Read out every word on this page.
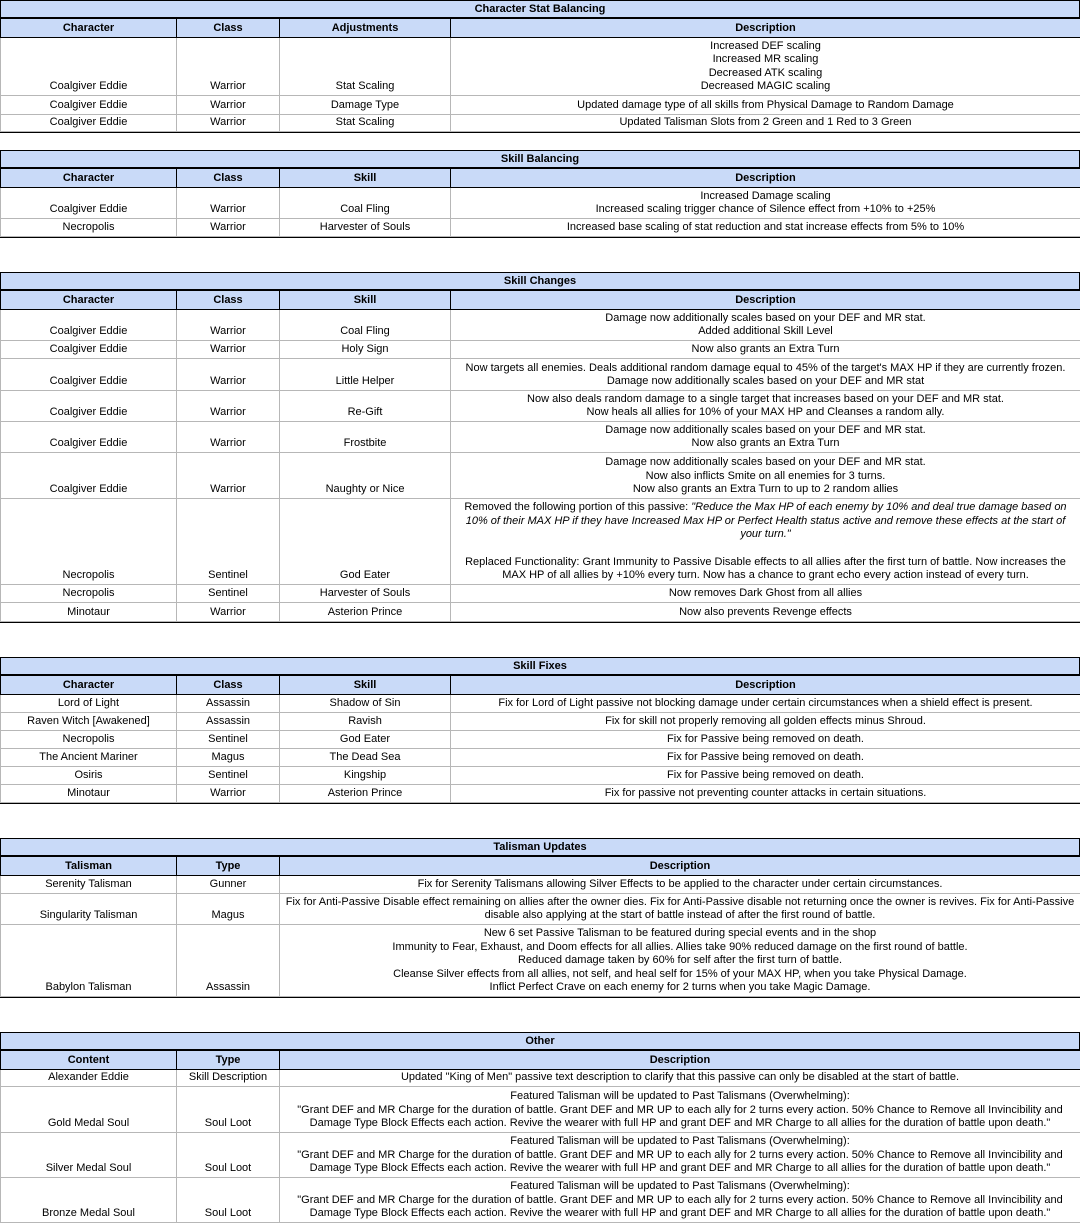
Character Stat Balancing
Character	Class	Adjustments	Description
Coalgiver Eddie	Warrior	Stat Scaling	Increased DEF scaling
Increased MR scaling
Decreased ATK scaling
Decreased MAGIC scaling

Coalgiver Eddie	Warrior	Damage Type	Updated damage type of all skills from Physical Damage to Random Damage

Coalgiver Eddie	Warrior	Stat Scaling	Updated Talisman Slots from 2 Green and 1 Red to 3 Green
Skill Balancing
Character	Class	Skill	Description
Coalgiver Eddie	Warrior	Coal Fling	Increased Damage scaling
Increased scaling trigger chance of Silence effect from +10% to +25%

Necropolis	Warrior	Harvester of Souls	Increased base scaling of stat reduction and stat increase effects from 5% to 10%
Skill Changes
Character	Class	Skill	Description
Coalgiver Eddie	Warrior	Coal Fling	Damage now additionally scales based on your DEF and MR stat.
Added additional Skill Level

Coalgiver Eddie	Warrior	Holy Sign	Now also grants an Extra Turn

Coalgiver Eddie	Warrior	Little Helper	Now targets all enemies. Deals additional random damage equal to 45% of the target's MAX HP if they are currently frozen.
Damage now additionally scales based on your DEF and MR stat

Coalgiver Eddie	Warrior	Re-Gift	Now also deals random damage to a single target that increases based on your DEF and MR stat.
Now heals all allies for 10% of your MAX HP and Cleanses a random ally.

Coalgiver Eddie	Warrior	Frostbite	Damage now additionally scales based on your DEF and MR stat.
Now also grants an Extra Turn

Coalgiver Eddie	Warrior	Naughty or Nice	Damage now additionally scales based on your DEF and MR stat.
Now also inflicts Smite on all enemies for 3 turns.
Now also grants an Extra Turn to up to 2 random allies

Necropolis	Sentinel	God Eater	Removed the following portion of this passive: "Reduce the Max HP of each enemy by 10% and deal true damage based on 10% of their MAX HP if they have Increased Max HP or Perfect Health status active and remove these effects at the start of your turn."
Replaced Functionality: Grant Immunity to Passive Disable effects to all allies after the first turn of battle. Now increases the MAX HP of all allies by +10% every turn. Now has a chance to grant echo every action instead of every turn.

Necropolis	Sentinel	Harvester of Souls	Now removes Dark Ghost from all allies

Minotaur	Warrior	Asterion Prince	Now also prevents Revenge effects
Skill Fixes
Character	Class	Skill	Description
Lord of Light	Assassin	Shadow of Sin	Fix for Lord of Light passive not blocking damage under certain circumstances when a shield effect is present.

Raven Witch [Awakened]	Assassin	Ravish	Fix for skill not properly removing all golden effects minus Shroud.

Necropolis	Sentinel	God Eater	Fix for Passive being removed on death.

The Ancient Mariner	Magus	The Dead Sea	Fix for Passive being removed on death.

Osiris	Sentinel	Kingship	Fix for Passive being removed on death.

Minotaur	Warrior	Asterion Prince	Fix for passive not preventing counter attacks in certain situations.
Talisman Updates
Talisman	Type	Description
Serenity Talisman	Gunner	Fix for Serenity Talismans allowing Silver Effects to be applied to the character under certain circumstances.

Singularity Talisman	Magus	Fix for Anti-Passive Disable effect remaining on allies after the owner dies. Fix for Anti-Passive disable not returning once the owner is revives. Fix for Anti-Passive disable also applying at the start of battle instead of after the first round of battle.

Babylon Talisman	Assassin	New 6 set Passive Talisman to be featured during special events and in the shop
Immunity to Fear, Exhaust, and Doom effects for all allies. Allies take 90% reduced damage on the first round of battle.
Reduced damage taken by 60% for self after the first turn of battle.
Cleanse Silver effects from all allies, not self, and heal self for 15% of your MAX HP, when you take Physical Damage.
Inflict Perfect Crave on each enemy for 2 turns when you take Magic Damage.
Other
Content	Type	Description
Alexander Eddie	Skill Description	Updated "King of Men" passive text description to clarify that this passive can only be disabled at the start of battle.

Gold Medal Soul	Soul Loot	Featured Talisman will be updated to Past Talismans (Overwhelming):
"Grant DEF and MR Charge for the duration of battle. Grant DEF and MR UP to each ally for 2 turns every action. 50% Chance to Remove all Invincibility and Damage Type Block Effects each action. Revive the wearer with full HP and grant DEF and MR Charge to all allies for the duration of battle upon death."

Silver Medal Soul	Soul Loot	Featured Talisman will be updated to Past Talismans (Overwhelming):
"Grant DEF and MR Charge for the duration of battle. Grant DEF and MR UP to each ally for 2 turns every action. 50% Chance to Remove all Invincibility and Damage Type Block Effects each action. Revive the wearer with full HP and grant DEF and MR Charge to all allies for the duration of battle upon death."

Bronze Medal Soul	Soul Loot	Featured Talisman will be updated to Past Talismans (Overwhelming):
"Grant DEF and MR Charge for the duration of battle. Grant DEF and MR UP to each ally for 2 turns every action. 50% Chance to Remove all Invincibility and Damage Type Block Effects each action. Revive the wearer with full HP and grant DEF and MR Charge to all allies for the duration of battle upon death."
